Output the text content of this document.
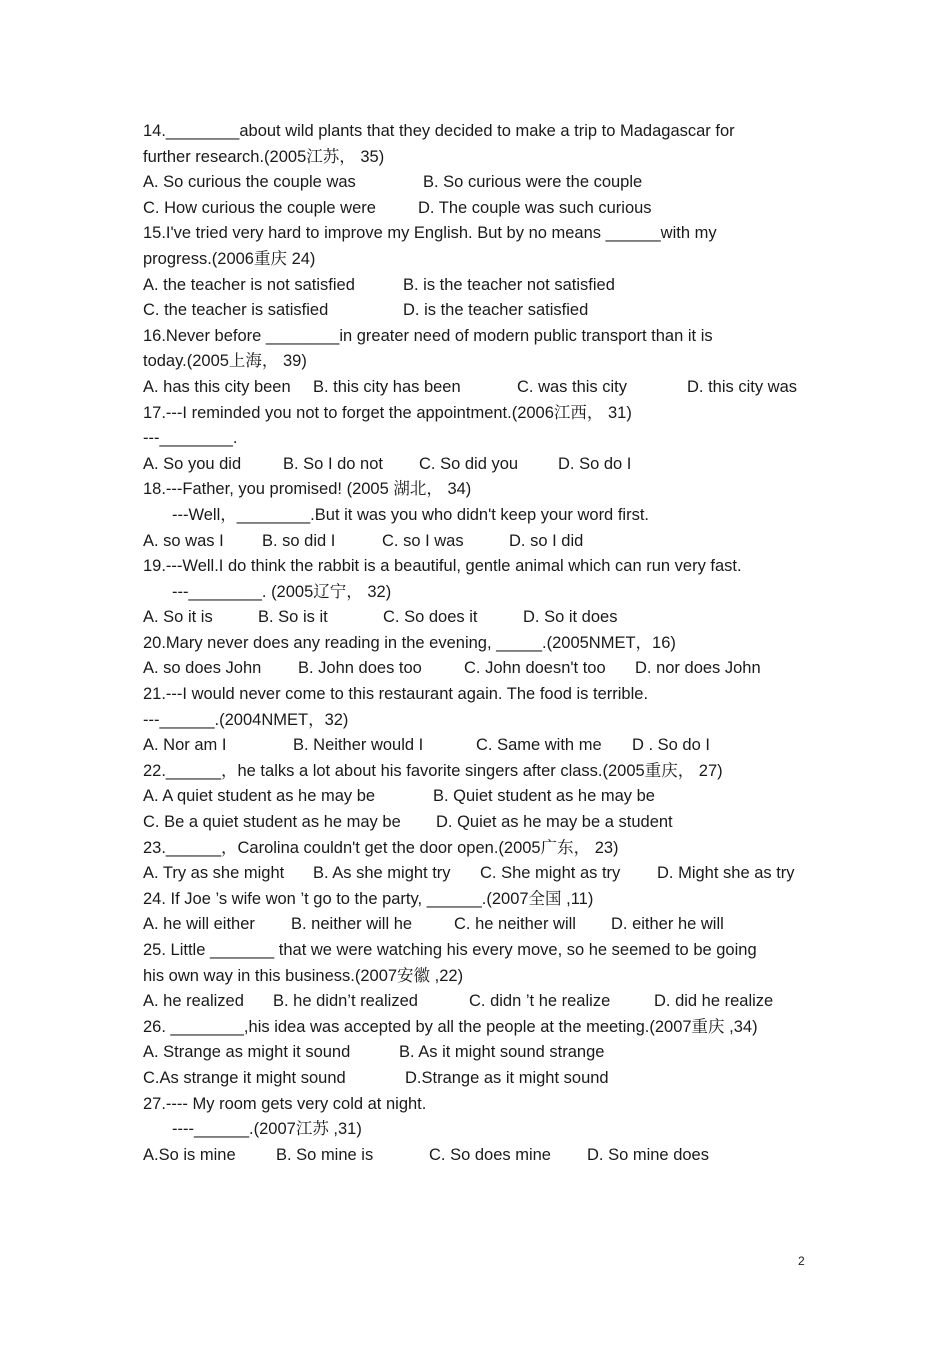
14.________about wild plants that they decided to make a trip to Madagascar for
further research.(2005江苏， 35)
A. So curious the couple was	B. So curious were the couple
C. How curious the couple were	D. The couple was such curious
15.I've tried very hard to improve my English. But by no means ______with my
progress.(2006重庆 24)
A. the teacher is not satisfied	B. is the teacher not satisfied
C. the teacher is satisfied	D. is the teacher satisfied
16.Never before ________in greater need of modern public transport than it is
today.(2005上海， 39)
A. has this city been B. this city has been	C. was this city	D. this city was
17.---I reminded you not to forget the appointment.(2006江西， 31)
---________.
A. So you did	B. So I do not C. So did you D. So do I
18.---Father, you promised! (2005 湖北， 34)
---Well，________.But it was you who didn't keep your word first.
A. so was I B. so did I	C. so I was	D. so I did
19.---Well.I do think the rabbit is a beautiful, gentle animal which can run very fast.
---________. (2005辽宁， 32)
A. So it is	B. So is it	C. So does it	D. So it does
20.Mary never does any reading in the evening, _____.(2005NMET，16)
A. so does John B. John does too	C. John doesn't too D. nor does John
21.---I would never come to this restaurant again. The food is terrible.
---______.(2004NMET，32)
A. Nor am I	B. Neither would I	C. Same with me D . So do I
22.______，he talks a lot about his favorite singers after class.(2005重庆， 27)
A. A quiet student as he may be	B. Quiet student as he may be
C. Be a quiet student as he may be D. Quiet as he may be a student
23.______，Carolina couldn't get the door open.(2005广东， 23)
A. Try as she might B. As she might try C. She might as try D. Might she as try
24. If Joe ’s wife won ’t go to the party, ______.(2007全国 ,11)
A. he will either B. neither will he	C. he neither will D. either he will
25. Little _______ that we were watching his every move, so he seemed to be going
his own way in this business.(2007安徽 ,22)
A. he realized B. he didn’t realized	C. didn ’t he realize	D. did he realize
26. ________,his idea was accepted by all the people at the meeting.(2007重庆 ,34)
A. Strange as might it sound	B. As it might sound strange
C.As strange it might sound	D.Strange as it might sound
27.---- My room gets very cold at night.
----______.(2007江苏 ,31)
A.So is mine B. So mine is	C. So does mine D. So mine does
2
